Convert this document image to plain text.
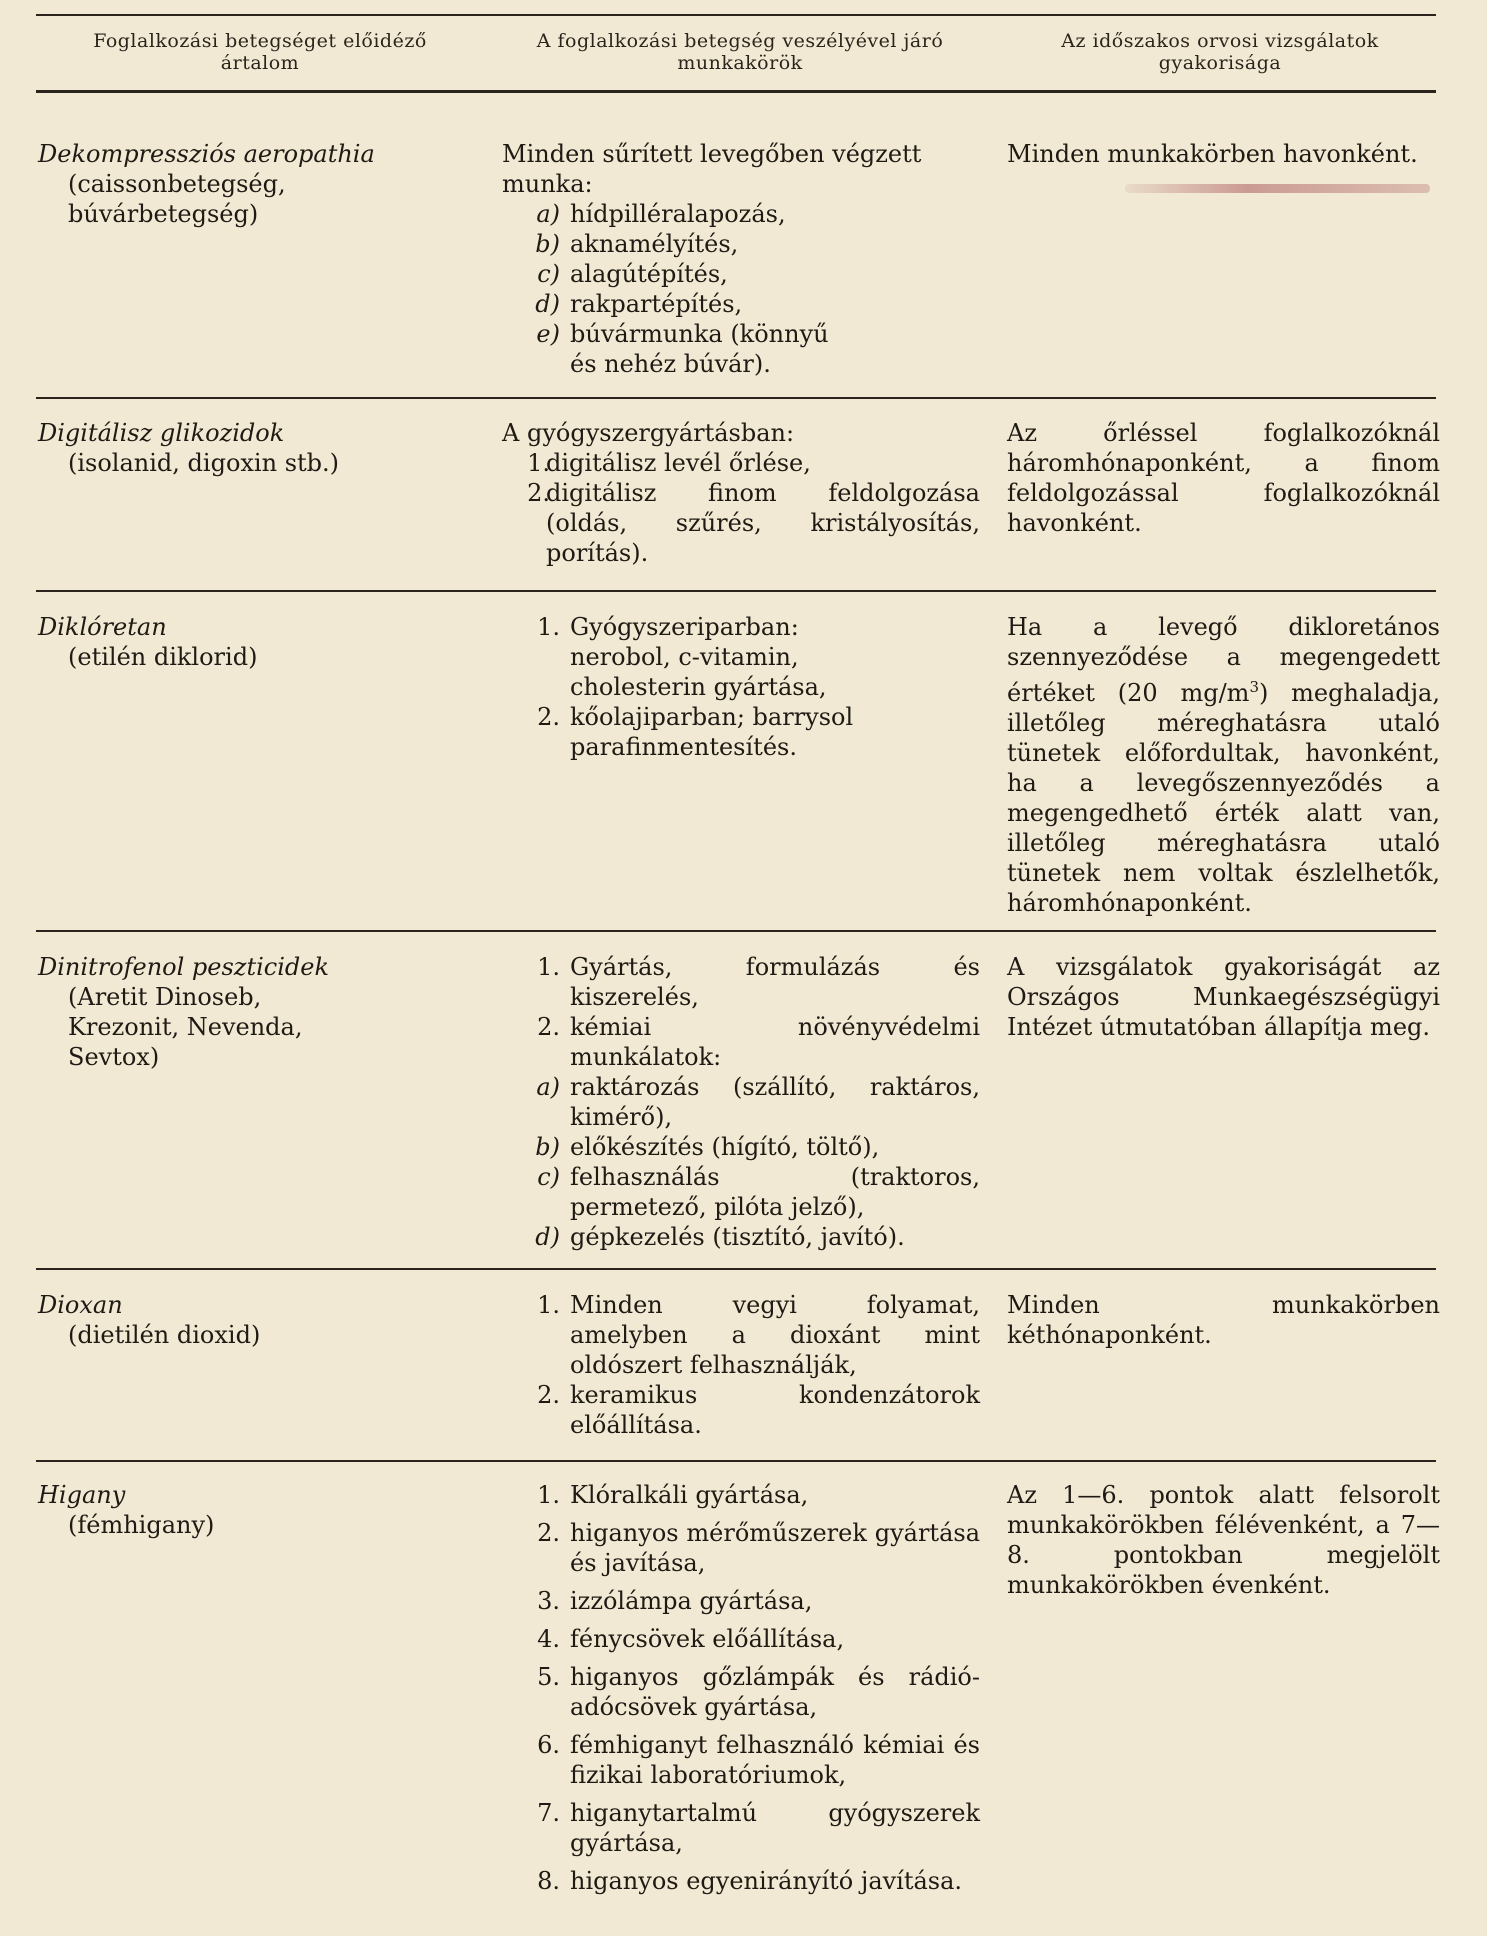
Foglalkozási betegséget előidéző ártalom
A foglalkozási betegség veszélyével járó munkakörök
Az időszakos orvosi vizsgálatok gyakorisága
Dekompressziós aeropathia
(caissonbetegség, búvárbetegség)
Minden sűrített levegőben végzett munka:
a) hídpilléralapozás,
b) aknamélyítés,
c) alagútépítés,
d) rakpartépítés,
e) búvármunka (könnyű és nehéz búvár).
Minden munkakörben havonként.
Digitálisz glikozidok
(isolanid, digoxin stb.)
A gyógyszergyártásban:
1.
digitálisz levél őrlése,
2.
digitálisz finom feldolgozása (oldás, szűrés, kristályosítás, porítás).
Az őrléssel foglalkozóknál háromhónaponként, a finom feldolgozással foglalkozóknál havonként.
Diklóretan
(etilén diklorid)
1. Gyógyszeriparban: nerobol, c-vitamin, cholesterin gyártása,
2. kőolajiparban; barrysol parafinmentesítés.
Ha a levegő dikloretános szennyeződése a megengedett értéket (20 $mg/m^3$) meghaladja, illetőleg méreghatásra utaló tünetek előfordultak, havonként, ha a levegőszennyeződés a megengedhető érték alatt van, illetőleg méreghatásra utaló tünetek nem voltak észlelhetők, háromhónaponként.
Dinitrofenol peszticidek
(Aretit Dinoseb, Krezonit, Nevenda, Sevtox)
1. Gyártás, formulázás és kiszerelés,
2. kémiai növényvédelmi munkálatok:
a) raktározás (szállító, raktáros, kimérő),
b) előkészítés (hígító, töltő),
c) felhasználás (traktoros, permetező, pilóta jelző),
d) gépkezelés (tisztító, javító).
A vizsgálatok gyakoriságát az Országos Munkaegészségügyi Intézet útmutatóban állapítja meg.
Dioxan
(dietilén dioxid)
1. Minden vegyi folyamat, amelyben a dioxánt mint oldószert felhasználják,
2. keramikus kondenzátorok előállítása.
Minden munkakörben kéthónaponként.
Higany
(fémhigany)
1. Klóralkáli gyártása,
2. higanyos mérőműszerek gyártása és javítása,
3. izzólámpa gyártása,
4. fénycsövek előállítása,
5. higanyos gőzlámpák és rádió-adócsövek gyártása,
6. fémhiganyt felhasználó kémiai és fizikai laboratóriumok,
7. higanytartalmú gyógyszerek gyártása,
8. higanyos egyenirányító javítása.
Az 1—6. pontok alatt felsorolt munkakörökben félévenként, a 7—8. pontokban megjelölt munkakörökben évenként.
